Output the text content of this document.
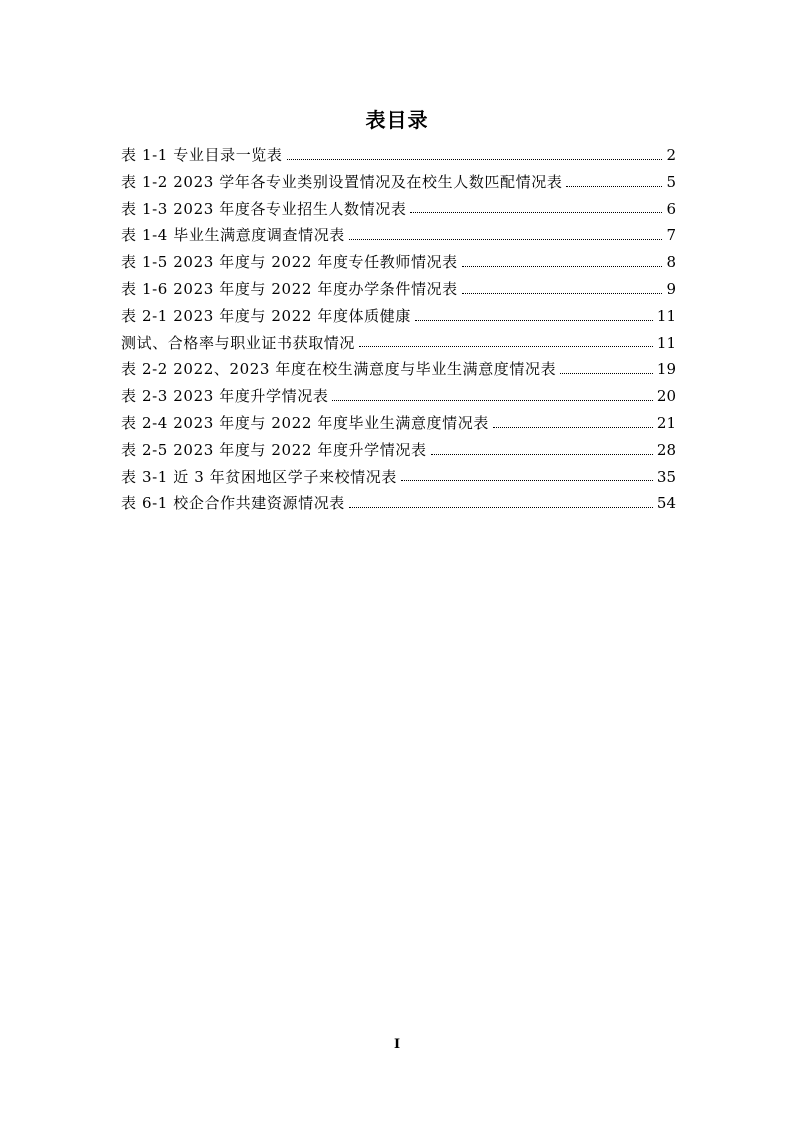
表目录
表 1-1 专业目录一览表	2
表 1-2 2023 学年各专业类别设置情况及在校生人数匹配情况表	5
表 1-3 2023 年度各专业招生人数情况表	6
表 1-4 毕业生满意度调查情况表	7
表 1-5 2023 年度与 2022 年度专任教师情况表	8
表 1-6 2023 年度与 2022 年度办学条件情况表	9
表 2-1 2023 年度与 2022 年度体质健康	11
测试、合格率与职业证书获取情况	11
表 2-2 2022、2023 年度在校生满意度与毕业生满意度情况表	19
表 2-3 2023 年度升学情况表	20
表 2-4 2023 年度与 2022 年度毕业生满意度情况表	21
表 2-5 2023 年度与 2022 年度升学情况表	28
表 3-1 近 3 年贫困地区学子来校情况表	35
表 6-1 校企合作共建资源情况表	54
I
